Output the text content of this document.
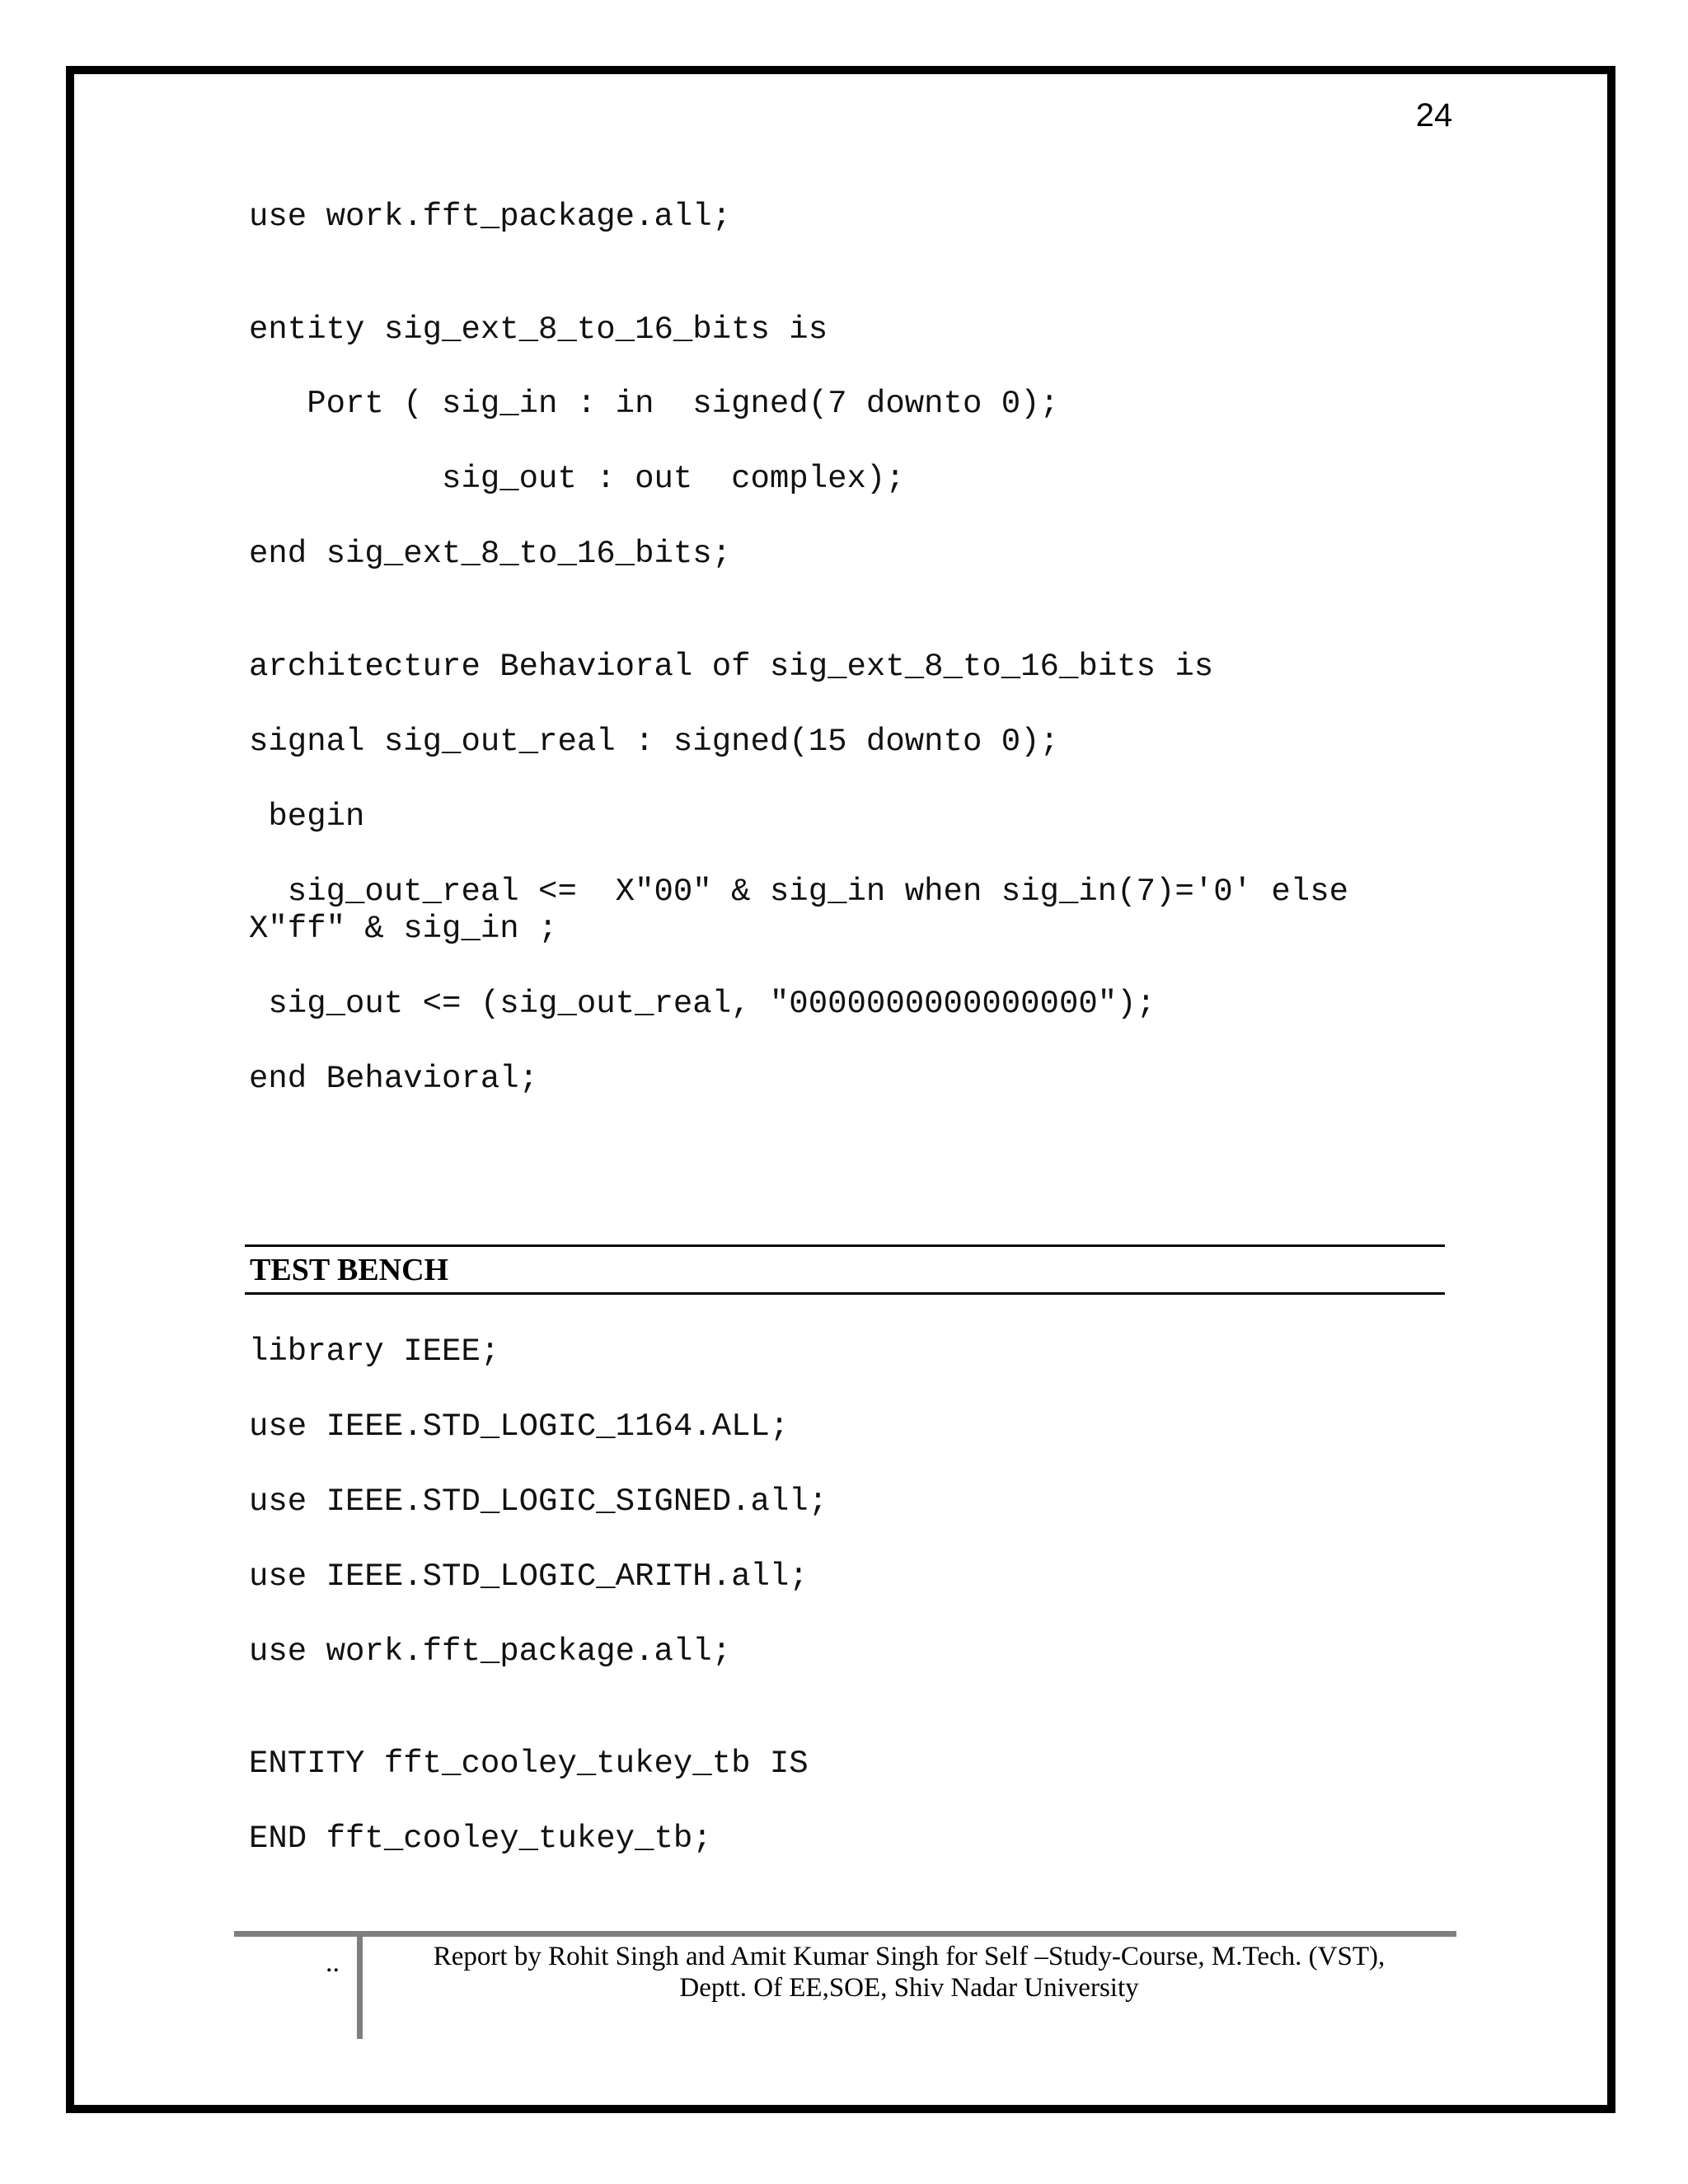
24
use work.fft_package.all;
entity sig_ext_8_to_16_bits is
Port ( sig_in : in  signed(7 downto 0);
sig_out : out  complex);
end sig_ext_8_to_16_bits;
architecture Behavioral of sig_ext_8_to_16_bits is
signal sig_out_real : signed(15 downto 0);
begin
sig_out_real <=  X"00" & sig_in when sig_in(7)='0' else
X"ff" & sig_in ;
sig_out <= (sig_out_real, "0000000000000000");
end Behavioral;
TEST BENCH
library IEEE;
use IEEE.STD_LOGIC_1164.ALL;
use IEEE.STD_LOGIC_SIGNED.all;
use IEEE.STD_LOGIC_ARITH.all;
use work.fft_package.all;
ENTITY fft_cooley_tukey_tb IS
END fft_cooley_tukey_tb;
..	Report by Rohit Singh and Amit Kumar Singh for Self –Study-Course, M.Tech. (VST),
Deptt. Of EE,SOE, Shiv Nadar University
